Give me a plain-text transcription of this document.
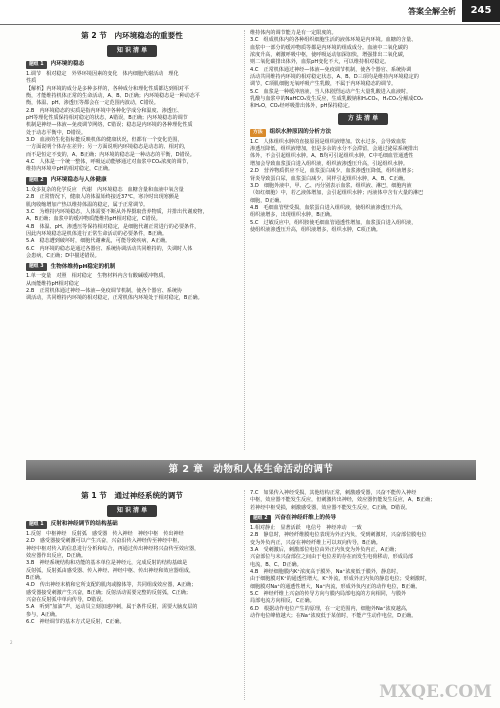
答案全解全析	245
第 2 节　内环境稳态的重要性
知 识 清 单
题组 1	内环境的稳态

1.调节　相对稳定　外界环境因素的变化　体内细胞代谢活动　理化

性质

【解析】内环境的成分是多种多样的，各种成分和理化性质都达到相对平

衡，才能维持机体正常的生命活动，A、B、D正确；内环境稳态是一种动态平

衡，体温、pH、渗透压等都会在一定范围内波动，C错误。

2.B　内环境稳态的实质是指内环境中各种化学成分和温度、渗透压、

pH等理化性质保持相对稳定的状态，A错误，B正确；内环境稳态的调节

机制是神经—体液—免疫调节网络，C错误；稳态是内环境的各种理化性质

处于动态平衡中，D错误。

3.D　血液的生化指标能反映机体的健康状况，但都有一个变化范围，

一方面说明个体存在差异；另一方面说明内环境稳态是动态的、相对的，

而不是恒定不变的，A、B正确；内环境的稳态是一种动态的平衡，D错误。

4.C　人体是一个统一整体，呼吸运动能够通过对血浆中CO₂浓度的调节，

维持内环境中pH的相对稳定，C正确。

题组 2	内环境稳态与人体健康

1.众多复杂的化学反应　代谢　内环境稳态　血糖含量和血液中氧含量

2.B　正常情况下，健康人的体温始终接近37℃，寒冷时出现寒颤是

肌肉收缩增加产热以维持体温的稳定，属于正常调节。

3.C　为维持内环境稳态，人体需要不断从外界摄取营养物质，并排出代谢废物，

A、B正确；血浆中的缓冲物质能维持pH相对稳定，C错误。

4.B　体温、pH、渗透压等保持相对稳定，是细胞代谢正常进行的必要条件，

因此内环境稳态是机体进行正常生命活动的必要条件，B正确。

5.A　稳态遭到破坏时，细胞代谢紊乱，可能导致疾病，A正确。

6.C　内环境的稳态是通过各器官、系统协调活动共同维持的，失调时人体

会患病，C正确；D中描述错误。

题组 3	生物体维持pH稳定的机制

1.单一变量　对照　相对稳定　生物材料内含有酸碱缓冲物质，

从而能维持pH相对稳定

2.B　正常机体通过神经—体液—免疫调节机制，使各个器官、系统协

调活动，共同维持内环境的相对稳定，正常机体内环境处于相对稳定，B正确。

维持体内的调节能力是有一定限度的。

3.C　组成机体内的各种组织细胞生活的液体环境是内环境。血糖的含量、

血浆中一部分的缓冲物质等都是内环境的组成成分。血液中二氧化碳的

浓度升高，刺激呼吸中枢，使呼吸运动加深加快，增强排出二氧化碳，

则二氧化碳排出体外，血浆pH变化不大，可以维持相对稳定。

4.C　正常机体通过神经—体液—免疫调节机制，使各个器官、系统协调

活动共同维持内环境的相对稳定状态，A、B、D三项均是维持内环境稳定的

调节，C项肌细胞无氧呼吸产生乳酸，不属于内环境稳态的调节。

5.C　血浆是一种缓冲溶液，当人体剧烈运动产生大量乳酸进入血液时，

乳酸与血浆中的NaHCO₃发生反应，生成乳酸钠和H₂CO₃，H₂CO₃分解成CO₂

和H₂O，CO₂经呼吸排出体外，pH保持稳定。

方 法 清 单
方法	组织水肿原因的分析方法

1.C　人体组织水肿的直接原因是组织液增加。饮水过多，会导致血浆

渗透压降低，组织液增加，但是多余的水分不会滞留，会通过泌尿系统排出

体外，不会引起组织水肿。A、B均可引起组织水肿，C中毛细血管通透性

增加会导致血浆蛋白进入组织液，组织液渗透压升高，引起组织水肿。

2.D　营养物质供应不足，血浆蛋白减少，血浆渗透压降低，组织液增多；

肾炎导致蛋白尿，血浆蛋白减少，同样引起组织水肿，A、B、C正确。

3.D　细胞外液中，甲、乙、丙分别表示血浆、组织液、淋巴，细胞内液

（如红细胞）中，若乙液体增加，会引起组织水肿；丙液体中含有大量的淋巴

细胞，D正确。

4.B　毛细血管壁受损，血浆蛋白进入组织液，使组织液渗透压升高，

组织液增多，出现组织水肿，B正确。

5.C　过敏反应中，组织胺使毛细血管通透性增加，血浆蛋白进入组织液，

使组织液渗透压升高，组织液增多，组织水肿，C项正确。

第 2 章　动物和人体生命活动的调节
第 1 节　通过神经系统的调节
知 识 清 单
题组 1	反射和神经调节的结构基础

1.反射　中枢神经　反射弧　感受器　传入神经　神经中枢　传出神经

2.D　感受器接受刺激可以产生兴奋，兴奋沿传入神经传至神经中枢，

神经中枢对传入的信息进行分析和综合，再通过传出神经将兴奋传至效应器，

效应器作出反应，D正确。

3.B　神经系统结构和功能的基本单位是神经元，完成反射的结构基础是

反射弧，反射弧由感受器、传入神经、神经中枢、传出神经和效应器组成，

B正确。

4.D　传出神经末梢和它所支配的肌肉或腺体等，共同组成效应器，A正确；

感受器接受刺激产生兴奋，B正确；反射活动需要完整的反射弧，C正确；

兴奋在反射弧中单向传导，D错误。

5.A　听到“加油”声，运动员立刻加速冲刺，属于条件反射，需要大脑皮层的

参与，A正确。

6.C　神经调节的基本方式是反射，C正确。

7.C　如果传入神经受损，其他结构正常，刺激感受器，兴奋不能传入神经

中枢，效应器不能发生反应，但刺激传出神经，效应器仍能发生反应，A、B正确；

若神经中枢受损，刺激感受器，效应器不能发生反应，C正确，D错误。

题组 2	兴奋在神经纤维上的传导

1.相对静止　显著活跃　电信号　神经冲动　一致

2.B　静息时，神经纤维膜电位表现为外正内负，受到刺激时，兴奋部位膜电位

变为外负内正，兴奋在神经纤维上可以双向传导，B正确。

3.A　受刺激后，刺激部位电位由外正内负变为外负内正，A正确；

兴奋部位与未兴奋部位之间由于电位差的存在而发生电荷移动，形成局部

电流，B、C、D正确。

4.B　神经细胞膜内K⁺浓度高于膜外，Na⁺浓度低于膜外，静息时，

由于细胞膜对K⁺的通透性增大，K⁺外流，形成外正内负的静息电位；受刺激时，

细胞膜对Na⁺的通透性增大，Na⁺内流，形成外负内正的动作电位，B正确。

5.C　神经纤维上兴奋的传导方向与膜内局部电流的方向相同，与膜外

局部电流方向相反，C正确。

6.D　根据动作电位产生的原理，在一定范围内，细胞外Na⁺浓度越高，

动作电位峰值越大；在Na⁺浓度低于某值时，不能产生动作电位，D正确。

2
MXQE.COM
